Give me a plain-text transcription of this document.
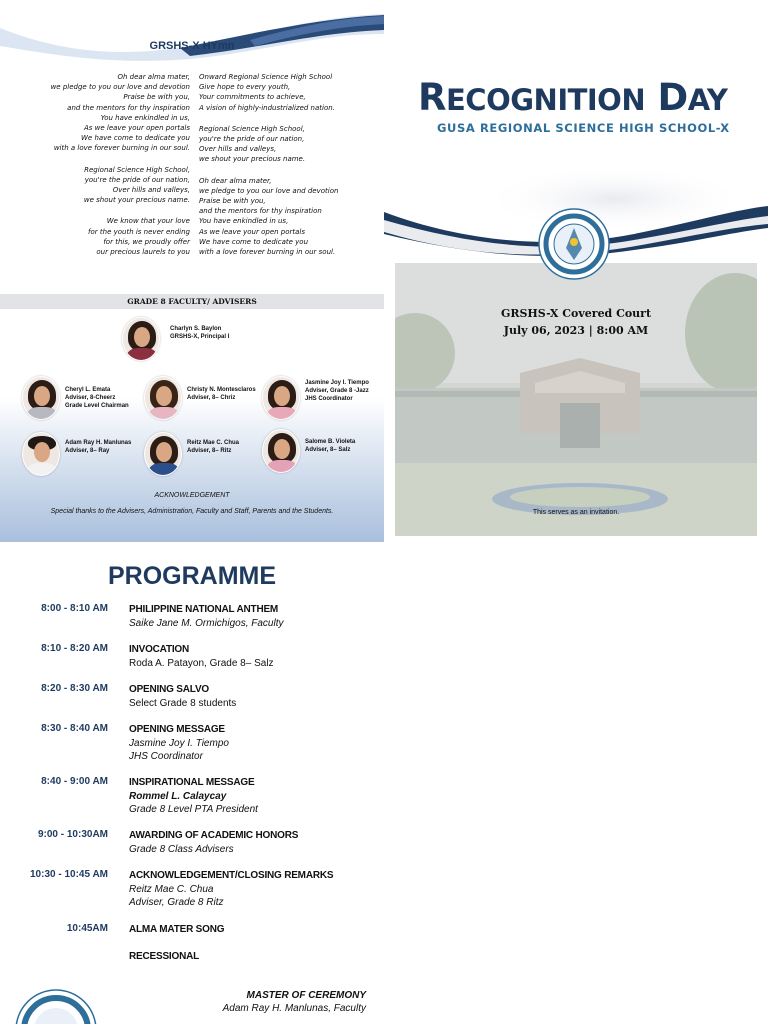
GRSHS-X HYmn

Oh dear alma mater,

we pledge to you our love and devotion

Praise be with you,

and the mentors for thy inspiration

You have enkindled in us,

As we leave your open portals

We have come to dedicate you

with a love forever burning in our soul.

Regional Science High School,

you're the pride of our nation,

Over hills and valleys,

we shout your precious name.

We know that your love

for the youth is never ending

for this, we proudly offer

our precious laurels to you

Onward Regional Science High School

Give hope to every youth,

Your commitments to achieve,

A vision of highly-industrialized nation.

Regional Science High School,

you're the pride of our nation,

Over hills and valleys,

we shout your precious name.

Oh dear alma mater,

we pledge to you our love and devotion

Praise be with you,

and the mentors for thy inspiration

You have enkindled in us,

As we leave your open portals

We have come to dedicate you

with a love forever burning in our soul.

GRADE 8 FACULTY/ ADVISERS
Charlyn S. Baylon
GRSHS-X, Principal I
Cheryl L. Emata
Adviser, 8-Cheerz
Grade Level Chairman
Christy N. Montesclaros
Adviser, 8– Chriz
Jasmine Joy I. Tiempo
Adviser, Grade 8 -Jazz
JHS Coordinator
Adam Ray H. Manlunas
Adviser, 8– Ray
Reitz Mae C. Chua
Adviser, 8– Ritz
Salome B. Violeta
Adviser, 8– Salz
ACKNOWLEDGEMENT
Special thanks to the Advisers, Administration, Faculty and Staff, Parents and the Students.
RECOGNITION DAY
GUSA REGIONAL SCIENCE HIGH SCHOOL-X
GRSHS-X Covered Court
July 06, 2023 | 8:00 AM
This serves as an invitation.
PROGRAMME
8:00 - 8:10 AM PHILIPPINE NATIONAL ANTHEM
Saike Jane M. Ormichigos, Faculty
8:10 - 8:20 AM INVOCATION
Roda A. Patayon, Grade 8– Salz
8:20 - 8:30 AM OPENING SALVO
Select Grade 8 students
8:30 - 8:40 AM OPENING MESSAGE
Jasmine Joy I. Tiempo
JHS Coordinator
8:40 - 9:00 AM INSPIRATIONAL MESSAGE
Rommel L. Calaycay
Grade 8 Level PTA President
9:00 - 10:30AM AWARDING OF ACADEMIC HONORS
Grade 8 Class Advisers
10:30 - 10:45 AM ACKNOWLEDGEMENT/CLOSING REMARKS
Reitz Mae C. Chua
Adviser, Grade 8 Ritz
10:45AM ALMA MATER SONG
RECESSIONAL
MASTER OF CEREMONY
Adam Ray H. Manlunas, Faculty
